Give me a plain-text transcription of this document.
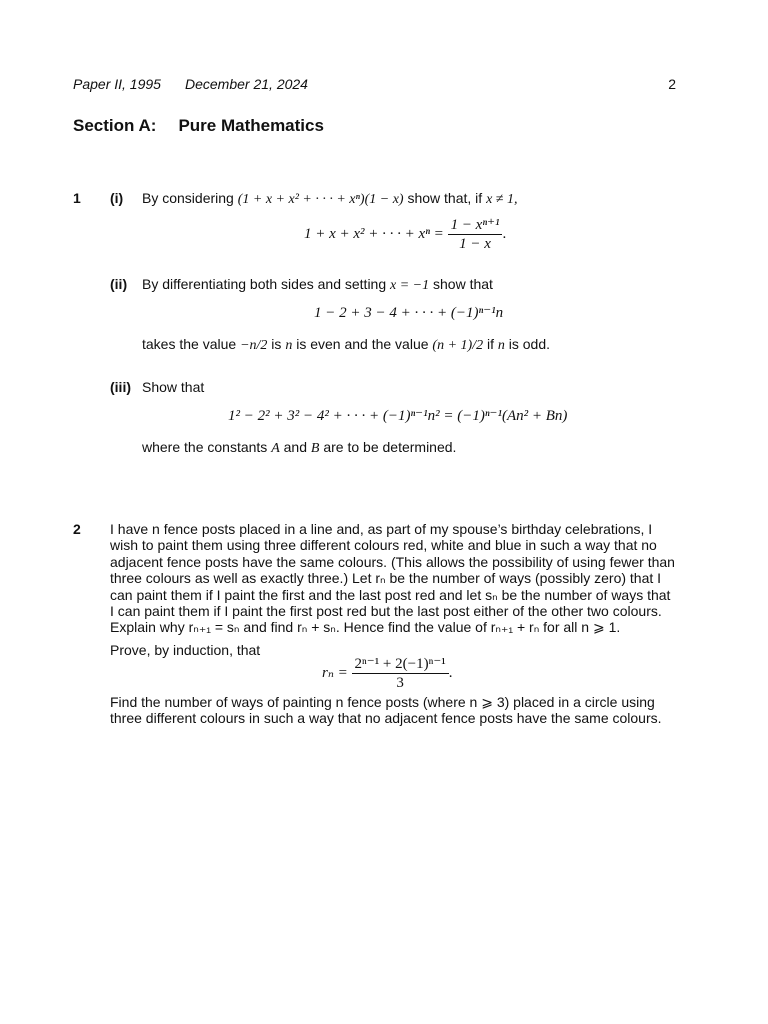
Paper II, 1995 December 21, 2024	2
Section A: Pure Mathematics
1 (i) By considering (1 + x + x² + · · · + xⁿ)(1 − x) show that, if x ≠ 1,
1 + x + x² + · · · + $x^n = \frac{\text{1 − xⁿ⁺¹}}{1 - x}$ .
(ii) By differentiating both sides and setting x = −1 show that
1 − 2 + 3 − 4 + · · · + (−1)ⁿ⁻¹n
takes the value −n/2 is n is even and the value (n + 1)/2 if n is odd.
(iii) Show that
1² − 2² + 3² − 4² + · · · + (−1)ⁿ⁻¹n² = (−1)ⁿ⁻¹(An² + Bn)
where the constants A and B are to be determined.
2 I have n fence posts placed in a line and, as part of my spouse’s birthday celebrations, I
wish to paint them using three different colours red, white and blue in such a way that no
adjacent fence posts have the same colours. (This allows the possibility of using fewer than
three colours as well as exactly three.) Let rₙ be the number of ways (possibly zero) that I
can paint them if I paint the first and the last post red and let sₙ be the number of ways that
I can paint them if I paint the first post red but the last post either of the other two colours.
Explain why rₙ₊₁ = sₙ and find rₙ + sₙ. Hence find the value of rₙ₊₁ + rₙ for all n ⩾ 1.
Prove, by induction, that
$r_n = \frac{\text{2ⁿ⁻¹ + 2(−1)ⁿ⁻¹}}{3}$ .
Find the number of ways of painting n fence posts (where n ⩾ 3) placed in a circle using
three different colours in such a way that no adjacent fence posts have the same colours.
